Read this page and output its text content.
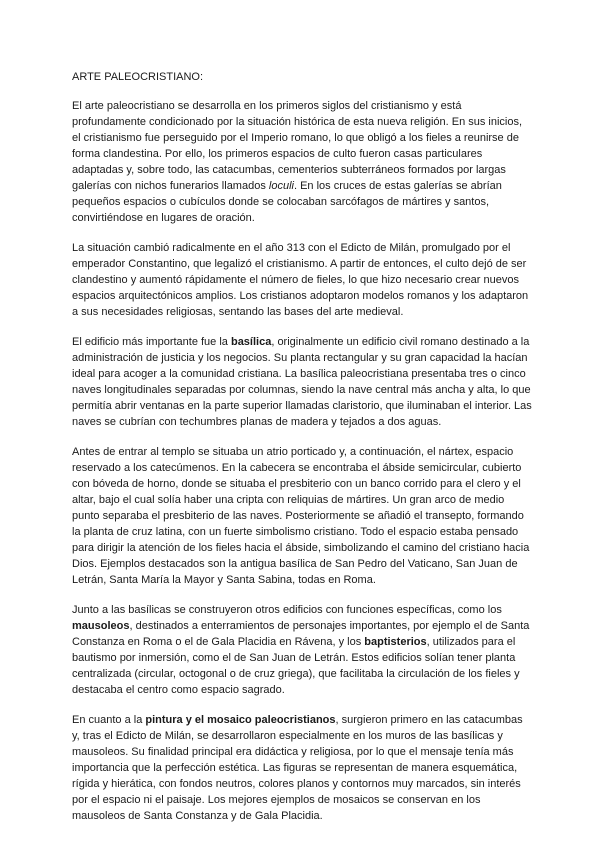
ARTE PALEOCRISTIANO:

El arte paleocristiano se desarrolla en los primeros siglos del cristianismo y está profundamente condicionado por la situación histórica de esta nueva religión. En sus inicios, el cristianismo fue perseguido por el Imperio romano, lo que obligó a los fieles a reunirse de forma clandestina. Por ello, los primeros espacios de culto fueron casas particulares adaptadas y, sobre todo, las catacumbas, cementerios subterráneos formados por largas galerías con nichos funerarios llamados loculi. En los cruces de estas galerías se abrían pequeños espacios o cubículos donde se colocaban sarcófagos de mártires y santos, convirtiéndose en lugares de oración.

La situación cambió radicalmente en el año 313 con el Edicto de Milán, promulgado por el emperador Constantino, que legalizó el cristianismo. A partir de entonces, el culto dejó de ser clandestino y aumentó rápidamente el número de fieles, lo que hizo necesario crear nuevos espacios arquitectónicos amplios. Los cristianos adoptaron modelos romanos y los adaptaron a sus necesidades religiosas, sentando las bases del arte medieval.

El edificio más importante fue la basílica, originalmente un edificio civil romano destinado a la administración de justicia y los negocios. Su planta rectangular y su gran capacidad la hacían ideal para acoger a la comunidad cristiana. La basílica paleocristiana presentaba tres o cinco naves longitudinales separadas por columnas, siendo la nave central más ancha y alta, lo que permitía abrir ventanas en la parte superior llamadas claristorio, que iluminaban el interior. Las naves se cubrían con techumbres planas de madera y tejados a dos aguas.

Antes de entrar al templo se situaba un atrio porticado y, a continuación, el nártex, espacio reservado a los catecúmenos. En la cabecera se encontraba el ábside semicircular, cubierto con bóveda de horno, donde se situaba el presbiterio con un banco corrido para el clero y el altar, bajo el cual solía haber una cripta con reliquias de mártires. Un gran arco de medio punto separaba el presbiterio de las naves. Posteriormente se añadió el transepto, formando la planta de cruz latina, con un fuerte simbolismo cristiano. Todo el espacio estaba pensado para dirigir la atención de los fieles hacia el ábside, simbolizando el camino del cristiano hacia Dios. Ejemplos destacados son la antigua basílica de San Pedro del Vaticano, San Juan de Letrán, Santa María la Mayor y Santa Sabina, todas en Roma.

Junto a las basílicas se construyeron otros edificios con funciones específicas, como los mausoleos, destinados a enterramientos de personajes importantes, por ejemplo el de Santa Constanza en Roma o el de Gala Placidia en Rávena, y los baptisterios, utilizados para el bautismo por inmersión, como el de San Juan de Letrán. Estos edificios solían tener planta centralizada (circular, octogonal o de cruz griega), que facilitaba la circulación de los fieles y destacaba el centro como espacio sagrado.

En cuanto a la pintura y el mosaico paleocristianos, surgieron primero en las catacumbas y, tras el Edicto de Milán, se desarrollaron especialmente en los muros de las basílicas y mausoleos. Su finalidad principal era didáctica y religiosa, por lo que el mensaje tenía más importancia que la perfección estética. Las figuras se representan de manera esquemática, rígida y hierática, con fondos neutros, colores planos y contornos muy marcados, sin interés por el espacio ni el paisaje. Los mejores ejemplos de mosaicos se conservan en los mausoleos de Santa Constanza y de Gala Placidia.
